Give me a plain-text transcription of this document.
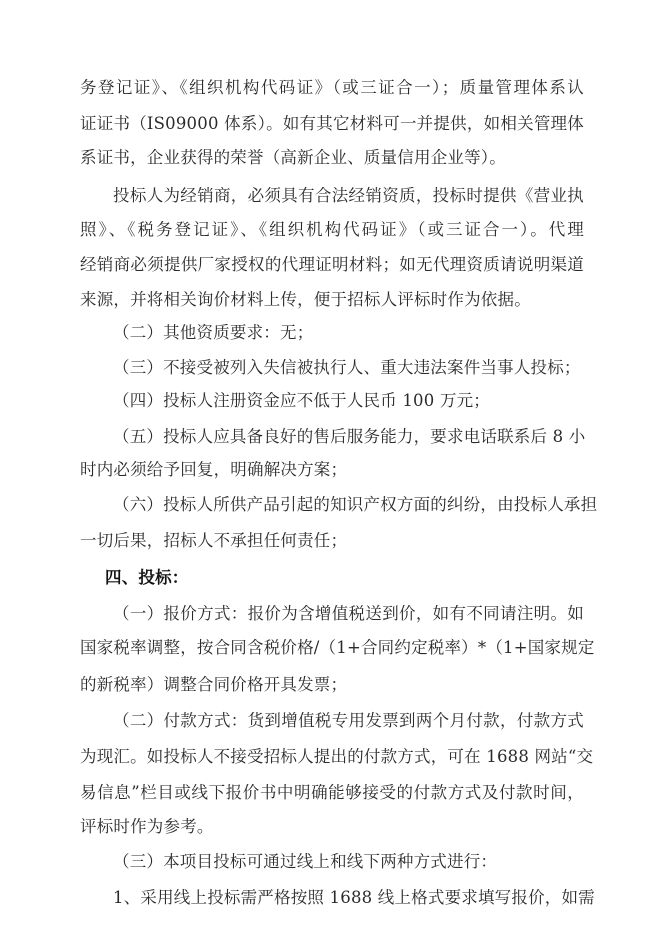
务登记证》、《组织机构代码证》（或三证合一）；质量管理体系认
证证书（IS09000 体系）。如有其它材料可一并提供，如相关管理体
系证书，企业获得的荣誉（高新企业、质量信用企业等）。
投标人为经销商，必须具有合法经销资质，投标时提供《营业执
照》、《税务登记证》、《组织机构代码证》（或三证合一）。代理
经销商必须提供厂家授权的代理证明材料；如无代理资质请说明渠道
来源，并将相关询价材料上传，便于招标人评标时作为依据。
（二）其他资质要求：无；
（三）不接受被列入失信被执行人、重大违法案件当事人投标；
（四）投标人注册资金应不低于人民币 100 万元；
（五）投标人应具备良好的售后服务能力，要求电话联系后 8 小
时内必须给予回复，明确解决方案；
（六）投标人所供产品引起的知识产权方面的纠纷，由投标人承担
一切后果，招标人不承担任何责任；
四、投标：
（一）报价方式：报价为含增值税送到价，如有不同请注明。如
国家税率调整，按合同含税价格/（1+合同约定税率）*（1+国家规定
的新税率）调整合同价格开具发票；
（二）付款方式：货到增值税专用发票到两个月付款，付款方式
为现汇。如投标人不接受招标人提出的付款方式，可在 1688 网站“交
易信息”栏目或线下报价书中明确能够接受的付款方式及付款时间，
评标时作为参考。
（三）本项目投标可通过线上和线下两种方式进行：
1、采用线上投标需严格按照 1688 线上格式要求填写报价，如需
